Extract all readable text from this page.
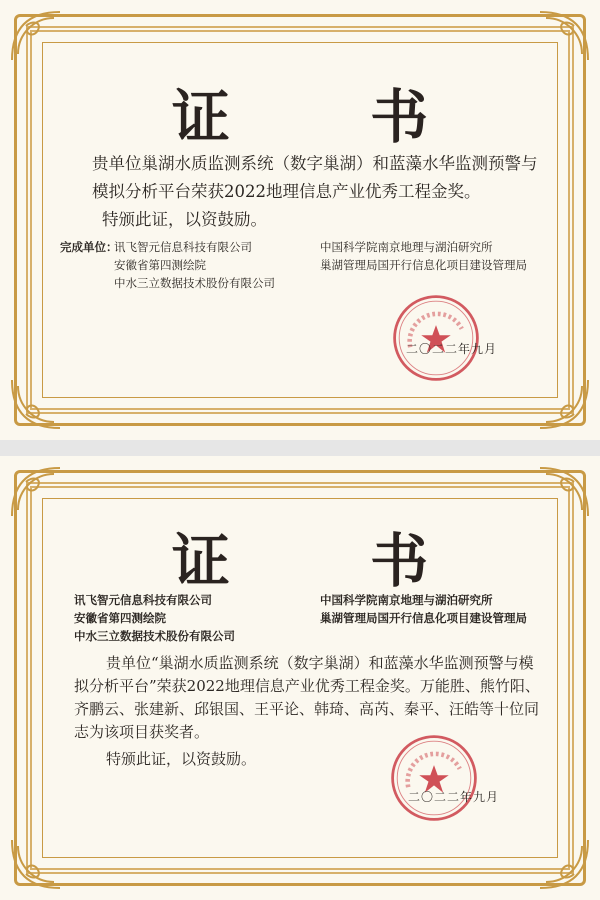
证 书
贵单位巢湖水质监测系统（数字巢湖）和蓝藻水华监测预警与模拟分析平台荣获2022地理信息产业优秀工程金奖。
特颁此证，以资鼓励。
完成单位：
讯飞智元信息科技有限公司
安徽省第四测绘院
中水三立数据技术股份有限公司
中国科学院南京地理与湖泊研究所
巢湖管理局国开行信息化项目建设管理局
二〇二二年九月
证 书
讯飞智元信息科技有限公司
安徽省第四测绘院
中水三立数据技术股份有限公司
中国科学院南京地理与湖泊研究所
巢湖管理局国开行信息化项目建设管理局
贵单位“巢湖水质监测系统（数字巢湖）和蓝藻水华监测预警与模拟分析平台”荣获2022地理信息产业优秀工程金奖。万能胜、熊竹阳、齐鹏云、张建新、邱银国、王平论、韩琦、高芮、秦平、汪皓等十位同志为该项目获奖者。
特颁此证，以资鼓励。
二〇二二年九月
